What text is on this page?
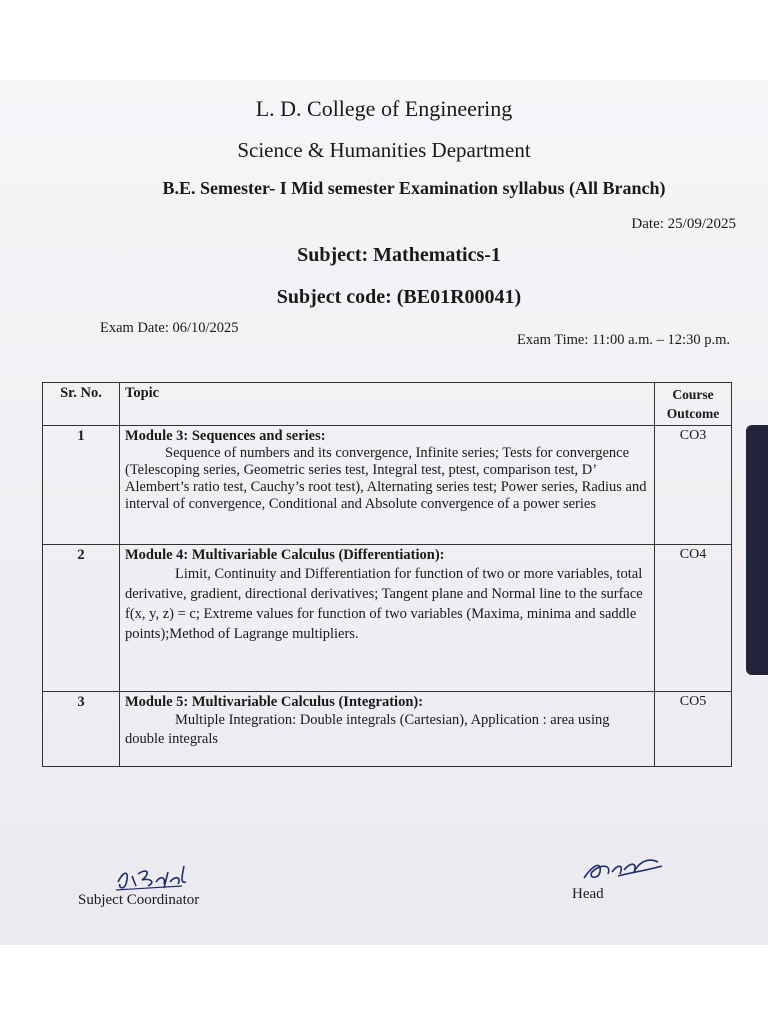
L. D. College of Engineering
Science & Humanities Department
B.E. Semester- I Mid semester Examination syllabus (All Branch)
Date: 25/09/2025
Subject: Mathematics-1
Subject code: (BE01R00041)
Exam Date: 06/10/2025
Exam Time: 11:00 a.m. – 12:30 p.m.
Sr. No.	Topic	Course
Outcome
1	Module 3: Sequences and series:
Sequence of numbers and its convergence, Infinite series; Tests for convergence (Telescoping series, Geometric series test, Integral test, ptest, comparison test, D’ Alembert’s ratio test, Cauchy’s root test), Alternating series test; Power series, Radius and interval of convergence, Conditional and Absolute convergence of a power series	CO3
2	Module 4: Multivariable Calculus (Differentiation):
Limit, Continuity and Differentiation for function of two or more variables, total derivative, gradient, directional derivatives; Tangent plane and Normal line to the surface f(x, y, z) = c; Extreme values for function of two variables (Maxima, minima and saddle points);Method of Lagrange multipliers.	CO4
3	Module 5: Multivariable Calculus (Integration):
Multiple Integration: Double integrals (Cartesian), Application : area using double integrals	CO5
Subject Coordinator	Head
